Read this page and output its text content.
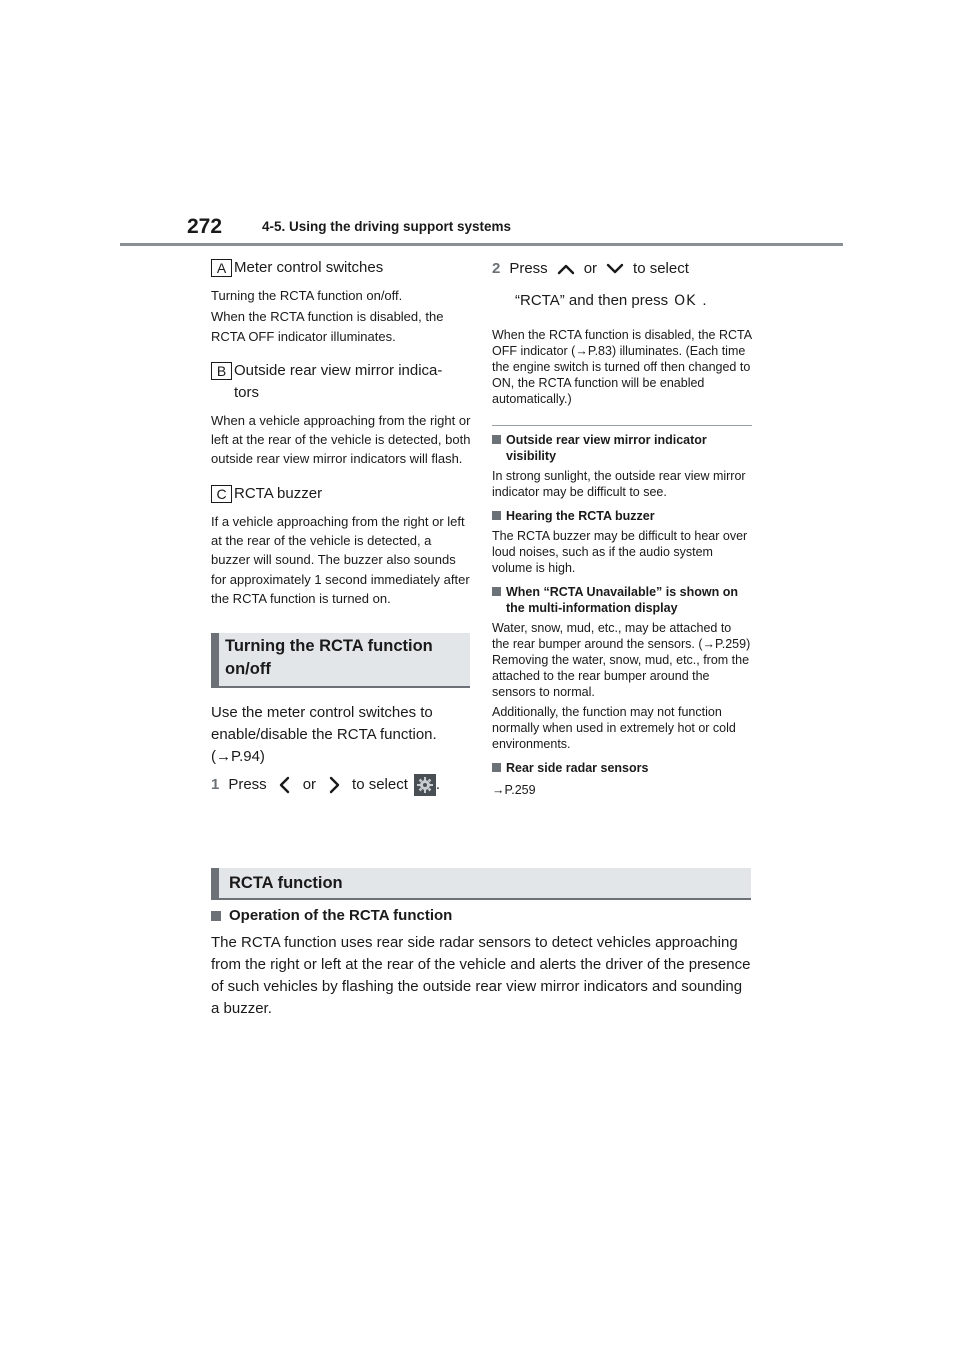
272	4-5. Using the driving support systems
A Meter control switches

Turning the RCTA function on/off.

When the RCTA function is disabled, the RCTA OFF indicator illuminates.

B Outside rear view mirror indica-
tors

When a vehicle approaching from the right or left at the rear of the vehicle is detected, both outside rear view mirror indicators will flash.

C RCTA buzzer

If a vehicle approaching from the right or left at the rear of the vehicle is detected, a buzzer will sound. The buzzer also sounds for approximately 1 second immediately after the RCTA function is turned on.

Turning the RCTA function on/off
Use the meter control switches to enable/disable the RCTA function. (→P.94)
1 Press or to select .
2 Press or to select
“RCTA” and then press OK .
When the RCTA function is disabled, the RCTA OFF indicator (→P.83) illuminates. (Each time the engine switch is turned off then changed to ON, the RCTA function will be enabled automatically.)
Outside rear view mirror indicator visibility
In strong sunlight, the outside rear view mirror indicator may be difficult to see.
Hearing the RCTA buzzer
The RCTA buzzer may be difficult to hear over loud noises, such as if the audio system volume is high.
When “RCTA Unavailable” is shown on the multi-information display
Water, snow, mud, etc., may be attached to the rear bumper around the sensors. (→P.259) Removing the water, snow, mud, etc., from the attached to the rear bumper around the sensors to normal.
Additionally, the function may not function normally when used in extremely hot or cold environments.
Rear side radar sensors
→P.259
RCTA function
Operation of the RCTA function
The RCTA function uses rear side radar sensors to detect vehicles approaching from the right or left at the rear of the vehicle and alerts the driver of the presence of such vehicles by flashing the outside rear view mirror indicators and sounding a buzzer.
